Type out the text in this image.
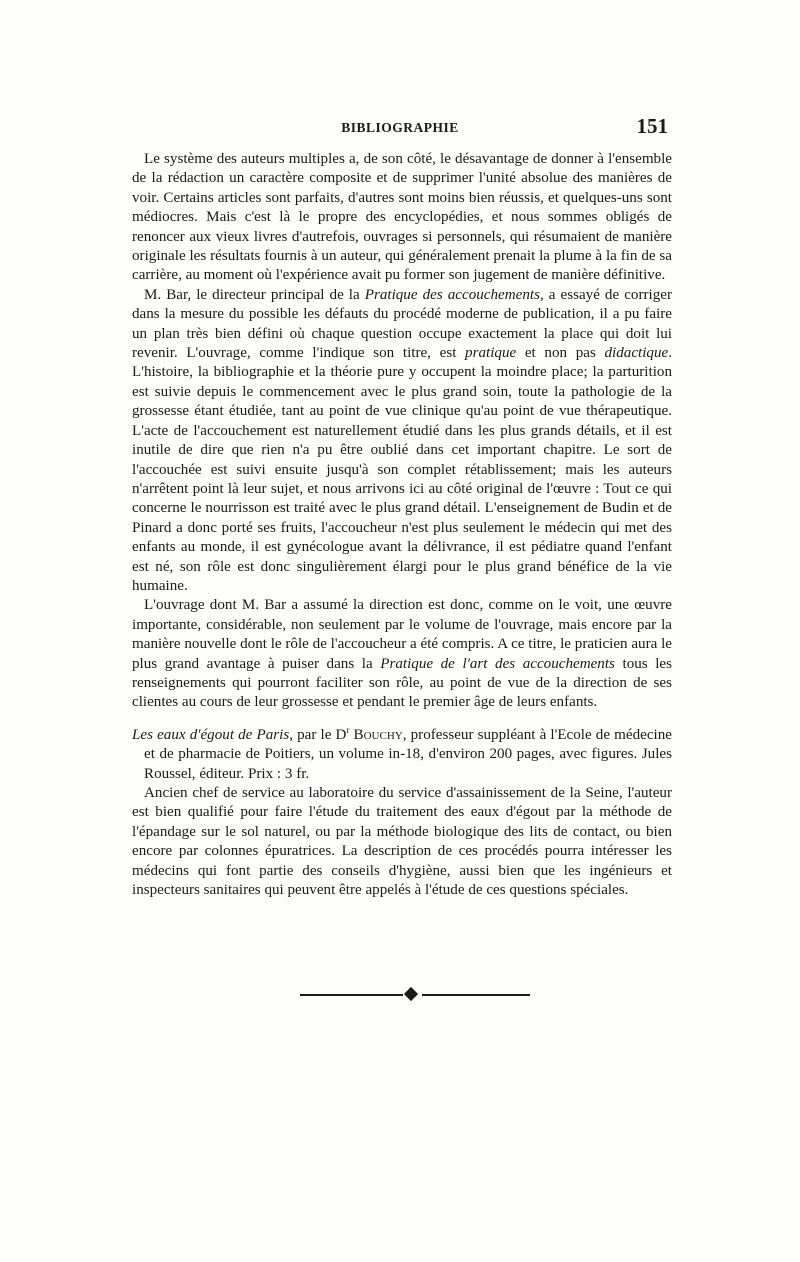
BIBLIOGRAPHIE	151

Le système des auteurs multiples a, de son côté, le désavantage de donner à l'ensemble de la rédaction un caractère composite et de supprimer l'unité absolue des manières de voir. Certains articles sont parfaits, d'autres sont moins bien réussis, et quelques-uns sont médiocres. Mais c'est là le propre des encyclopédies, et nous sommes obligés de renoncer aux vieux livres d'autrefois, ouvrages si personnels, qui résumaient de manière originale les résultats fournis à un auteur, qui généralement prenait la plume à la fin de sa carrière, au moment où l'expérience avait pu former son jugement de manière définitive.

M. Bar, le directeur principal de la Pratique des accouchements, a essayé de corriger dans la mesure du possible les défauts du procédé moderne de publication, il a pu faire un plan très bien défini où chaque question occupe exactement la place qui doit lui revenir. L'ouvrage, comme l'indique son titre, est pratique et non pas didactique. L'histoire, la bibliographie et la théorie pure y occupent la moindre place; la parturition est suivie depuis le commencement avec le plus grand soin, toute la pathologie de la grossesse étant étudiée, tant au point de vue clinique qu'au point de vue thérapeutique. L'acte de l'accouchement est naturellement étudié dans les plus grands détails, et il est inutile de dire que rien n'a pu être oublié dans cet important chapitre. Le sort de l'accouchée est suivi ensuite jusqu'à son complet rétablissement; mais les auteurs n'arrêtent point là leur sujet, et nous arrivons ici au côté original de l'œuvre : Tout ce qui concerne le nourrisson est traité avec le plus grand détail. L'enseignement de Budin et de Pinard a donc porté ses fruits, l'accoucheur n'est plus seulement le médecin qui met des enfants au monde, il est gynécologue avant la délivrance, il est pédiatre quand l'enfant est né, son rôle est donc singulièrement élargi pour le plus grand bénéfice de la vie humaine.

L'ouvrage dont M. Bar a assumé la direction est donc, comme on le voit, une œuvre importante, considérable, non seulement par le volume de l'ouvrage, mais encore par la manière nouvelle dont le rôle de l'accoucheur a été compris. A ce titre, le praticien aura le plus grand avantage à puiser dans la Pratique de l'art des accouchements tous les renseignements qui pourront faciliter son rôle, au point de vue de la direction de ses clientes au cours de leur grossesse et pendant le premier âge de leurs enfants.

Les eaux d'égout de Paris, par le $D^r$ Bouchy, professeur suppléant à l'Ecole de médecine et de pharmacie de Poitiers, un volume in-18, d'environ 200 pages, avec figures. Jules Roussel, éditeur. Prix : 3 fr.

Ancien chef de service au laboratoire du service d'assainissement de la Seine, l'auteur est bien qualifié pour faire l'étude du traitement des eaux d'égout par la méthode de l'épandage sur le sol naturel, ou par la méthode biologique des lits de contact, ou bien encore par colonnes épuratrices. La description de ces procédés pourra intéresser les médecins qui font partie des conseils d'hygiène, aussi bien que les ingénieurs et inspecteurs sanitaires qui peuvent être appelés à l'étude de ces questions spéciales.
